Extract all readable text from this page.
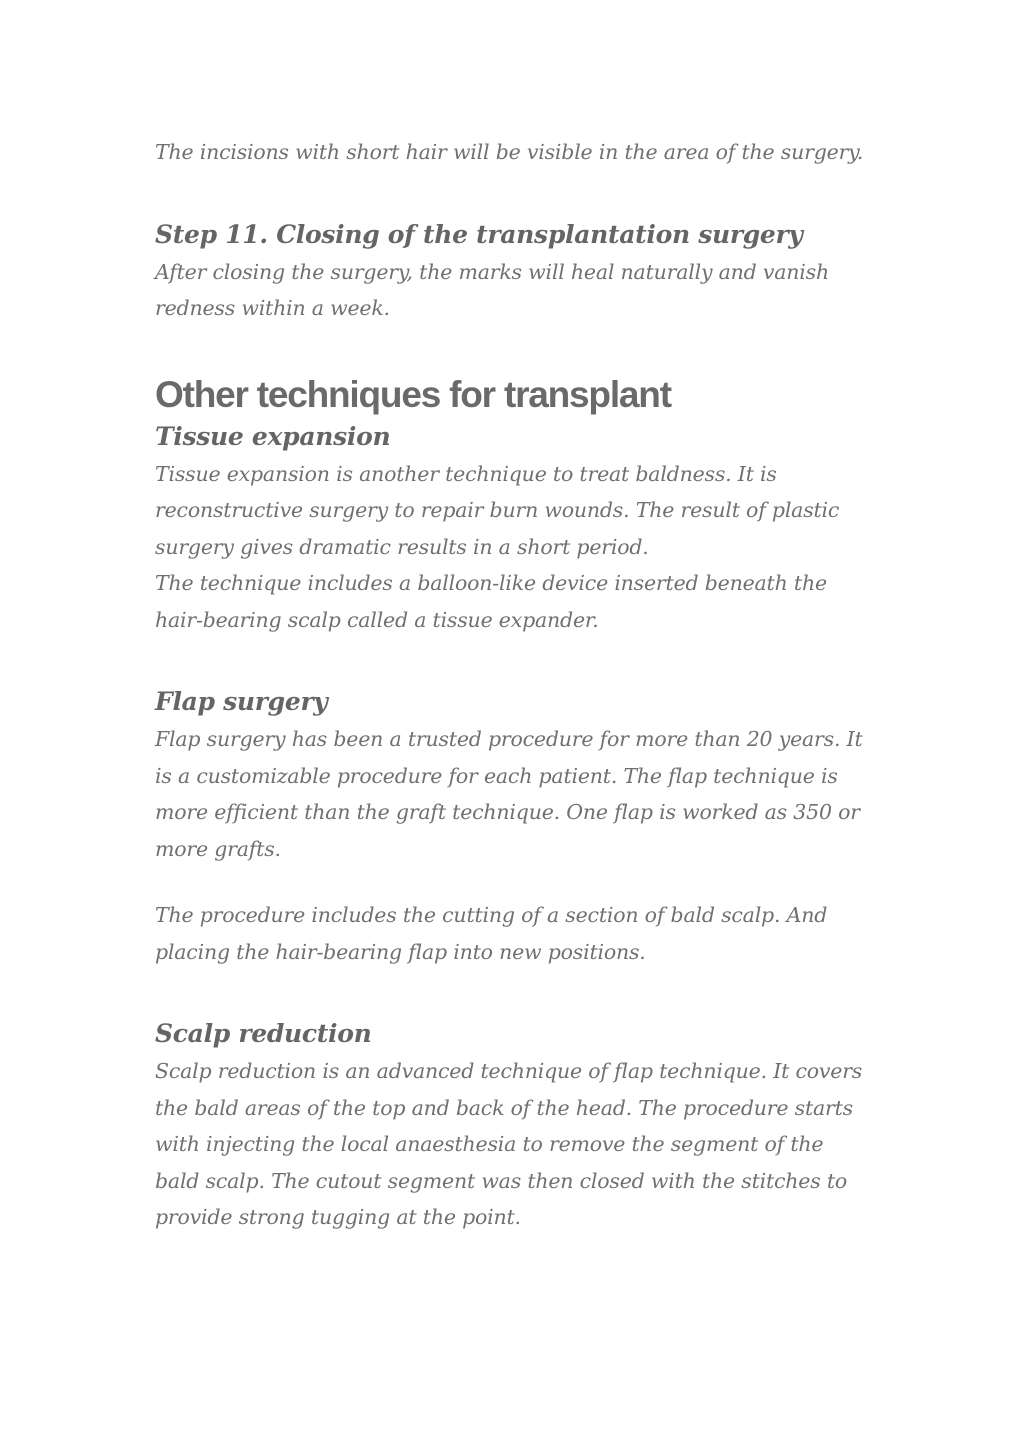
The incisions with short hair will be visible in the area of the surgery.

Step 11. Closing of the transplantation surgery

After closing the surgery, the marks will heal naturally and vanish redness within a week.

Other techniques for transplant
Tissue expansion

Tissue expansion is another technique to treat baldness. It is reconstructive surgery to repair burn wounds. The result of plastic surgery gives dramatic results in a short period.

The technique includes a balloon-like device inserted beneath the hair-bearing scalp called a tissue expander.

Flap surgery

Flap surgery has been a trusted procedure for more than 20 years. It is a customizable procedure for each patient. The flap technique is more efficient than the graft technique. One flap is worked as 350 or more grafts.

The procedure includes the cutting of a section of bald scalp. And placing the hair-bearing flap into new positions.

Scalp reduction

Scalp reduction is an advanced technique of flap technique. It covers the bald areas of the top and back of the head. The procedure starts with injecting the local anaesthesia to remove the segment of the bald scalp. The cutout segment was then closed with the stitches to provide strong tugging at the point.
